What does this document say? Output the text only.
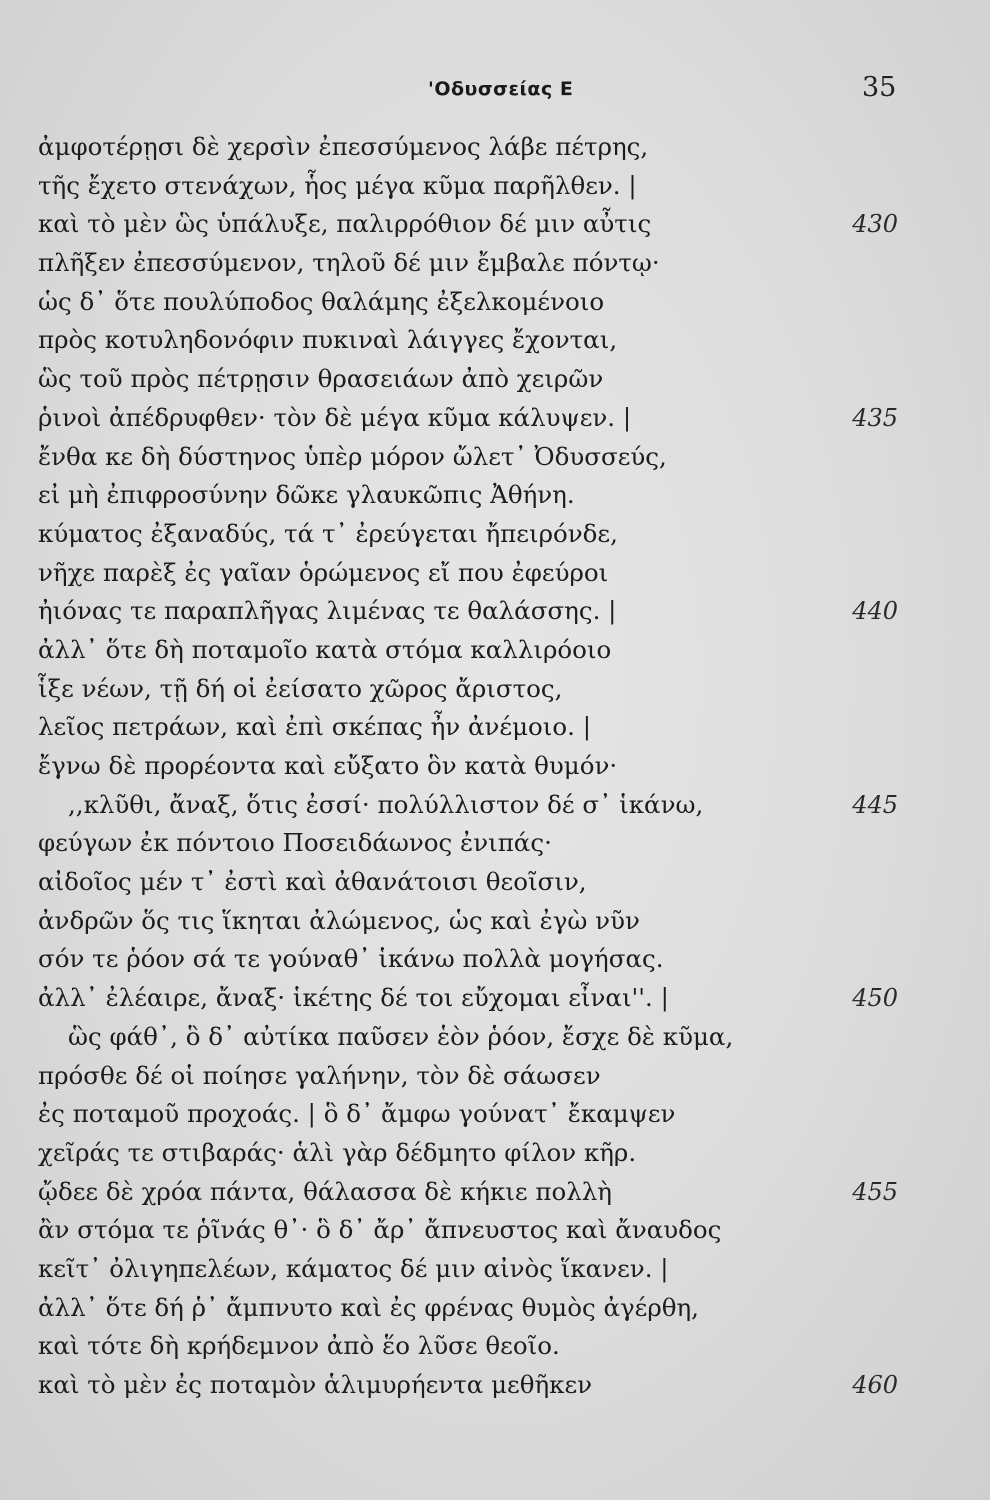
'Οδυσσείας Ε	35
ἀμφοτέρῃσι δὲ χερσὶν ἐπεσσύμενος λάβε πέτρης,
τῆς ἔχετο στενάχων, ἧος μέγα κῦμα παρῆλθεν. |
καὶ τὸ μὲν ὣς ὑπάλυξε, παλιρρόθιον δέ μιν αὖτις	430
πλῆξεν ἐπεσσύμενον, τηλοῦ δέ μιν ἔμβαλε πόντῳ·
ὡς δ᾽ ὅτε πουλύποδος θαλάμης ἐξελκομένοιο
πρὸς κοτυληδονόφιν πυκιναὶ λάιγγες ἔχονται,
ὣς τοῦ πρὸς πέτρῃσιν θρασειάων ἀπὸ χειρῶν
ῥινοὶ ἀπέδρυφθεν· τὸν δὲ μέγα κῦμα κάλυψεν. |	435
ἔνθα κε δὴ δύστηνος ὑπὲρ μόρον ὤλετ᾽ Ὀδυσσεύς,
εἰ μὴ ἐπιφροσύνην δῶκε γλαυκῶπις Ἀθήνη.
κύματος ἐξαναδύς, τά τ᾽ ἐρεύγεται ἤπειρόνδε,
νῆχε παρὲξ ἐς γαῖαν ὁρώμενος εἴ που ἐφεύροι
ἠιόνας τε παραπλῆγας λιμένας τε θαλάσσης. |	440
ἀλλ᾽ ὅτε δὴ ποταμοῖο κατὰ στόμα καλλιρόοιο
ἷξε νέων, τῇ δή οἱ ἐείσατο χῶρος ἄριστος,
λεῖος πετράων, καὶ ἐπὶ σκέπας ἦν ἀνέμοιο. |
ἔγνω δὲ προρέοντα καὶ εὔξατο ὃν κατὰ θυμόν·
,,κλῦθι, ἄναξ, ὅτις ἐσσί· πολύλλιστον δέ σ᾽ ἱκάνω,	445
φεύγων ἐκ πόντοιο Ποσειδάωνος ἐνιπάς·
αἰδοῖος μέν τ᾽ ἐστὶ καὶ ἀθανάτοισι θεοῖσιν,
ἀνδρῶν ὅς τις ἵκηται ἀλώμενος, ὡς καὶ ἐγὼ νῦν
σόν τε ῥόον σά τε γούναθ᾽ ἱκάνω πολλὰ μογήσας.
ἀλλ᾽ ἐλέαιρε, ἄναξ· ἱκέτης δέ τοι εὔχομαι εἶναι''. |	450
ὣς φάθ᾽, ὃ δ᾽ αὐτίκα παῦσεν ἑὸν ῥόον, ἔσχε δὲ κῦμα,
πρόσθε δέ οἱ ποίησε γαλήνην, τὸν δὲ σάωσεν
ἐς ποταμοῦ προχοάς. | ὃ δ᾽ ἄμφω γούνατ᾽ ἔκαμψεν
χεῖράς τε στιβαράς· ἁλὶ γὰρ δέδμητο φίλον κῆρ.
ᾤδεε δὲ χρόα πάντα, θάλασσα δὲ κήκιε πολλὴ	455
ἂν στόμα τε ῥῖνάς θ᾽· ὃ δ᾽ ἄρ᾽ ἄπνευστος καὶ ἄναυδος
κεῖτ᾽ ὀλιγηπελέων, κάματος δέ μιν αἰνὸς ἵκανεν. |
ἀλλ᾽ ὅτε δή ῥ᾽ ἄμπνυτο καὶ ἐς φρένας θυμὸς ἀγέρθη,
καὶ τότε δὴ κρήδεμνον ἀπὸ ἕο λῦσε θεοῖο.
καὶ τὸ μὲν ἐς ποταμὸν ἁλιμυρήεντα μεθῆκεν	460
